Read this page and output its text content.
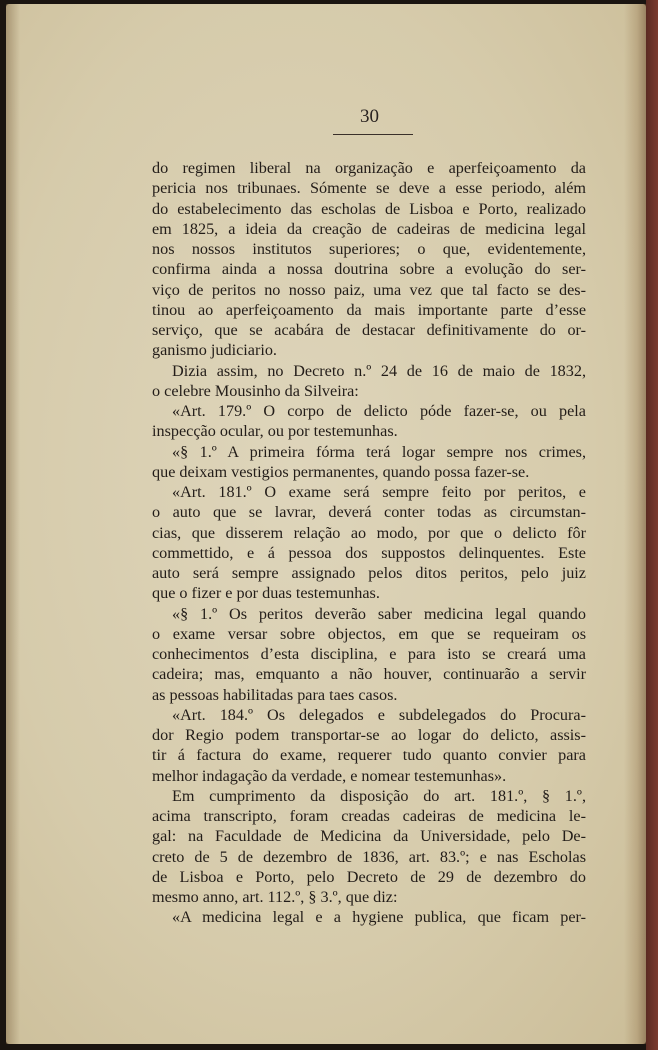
30
do regimen liberal na organização e aperfeiçoamento da
pericia nos tribunaes. Sómente se deve a esse periodo, além
do estabelecimento das escholas de Lisboa e Porto, realizado
em 1825, a ideia da creação de cadeiras de medicina legal
nos nossos institutos superiores; o que, evidentemente,
confirma ainda a nossa doutrina sobre a evolução do ser-
viço de peritos no nosso paiz, uma vez que tal facto se des-
tinou ao aperfeiçoamento da mais importante parte d’esse
serviço, que se acabára de destacar definitivamente do or-
ganismo judiciario.
Dizia assim, no Decreto n.º 24 de 16 de maio de 1832,
o celebre Mousinho da Silveira:
«Art. 179.º O corpo de delicto póde fazer-se, ou pela
inspecção ocular, ou por testemunhas.
«§ 1.º A primeira fórma terá logar sempre nos crimes,
que deixam vestigios permanentes, quando possa fazer-se.
«Art. 181.º O exame será sempre feito por peritos, e
o auto que se lavrar, deverá conter todas as circumstan-
cias, que disserem relação ao modo, por que o delicto fôr
commettido, e á pessoa dos suppostos delinquentes. Este
auto será sempre assignado pelos ditos peritos, pelo juiz
que o fizer e por duas testemunhas.
«§ 1.º Os peritos deverão saber medicina legal quando
o exame versar sobre objectos, em que se requeiram os
conhecimentos d’esta disciplina, e para isto se creará uma
cadeira; mas, emquanto a não houver, continuarão a servir
as pessoas habilitadas para taes casos.
«Art. 184.º Os delegados e subdelegados do Procura-
dor Regio podem transportar-se ao logar do delicto, assis-
tir á factura do exame, requerer tudo quanto convier para
melhor indagação da verdade, e nomear testemunhas».
Em cumprimento da disposição do art. 181.º, § 1.º,
acima transcripto, foram creadas cadeiras de medicina le-
gal: na Faculdade de Medicina da Universidade, pelo De-
creto de 5 de dezembro de 1836, art. 83.º; e nas Escholas
de Lisboa e Porto, pelo Decreto de 29 de dezembro do
mesmo anno, art. 112.º, § 3.º, que diz:
«A medicina legal e a hygiene publica, que ficam per-
